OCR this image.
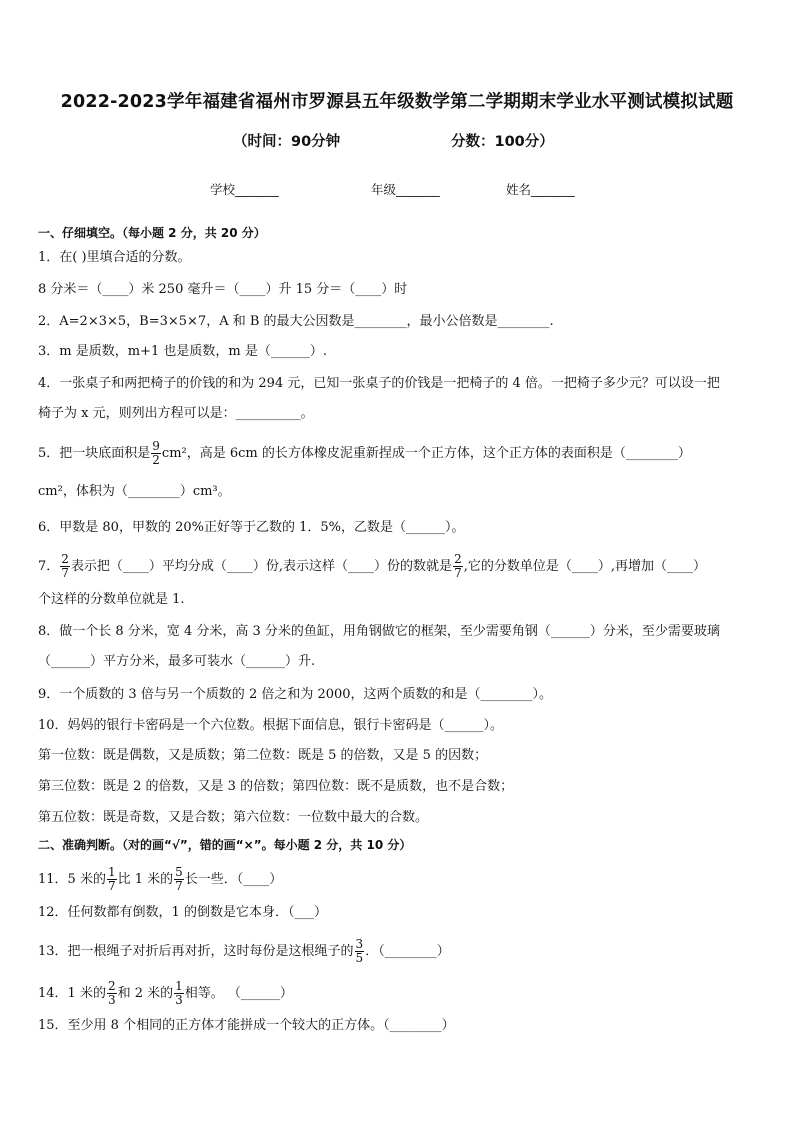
2022-2023学年福建省福州市罗源县五年级数学第二学期期末学业水平测试模拟试题
（时间：90分钟	分数：100分）
学校_______	年级_______	姓名_______
一、仔细填空。（每小题 2 分，共 20 分）
1．在( )里填合适的分数。
8 分米＝（____）米 250 毫升＝（____）升 15 分＝（____）时
2．A=2×3×5，B=3×5×7，A 和 B 的最大公因数是________，最小公倍数是________.
3．m 是质数，m+1 也是质数，m 是（______）.
4．一张桌子和两把椅子的价钱的和为 294 元，已知一张桌子的价钱是一把椅子的 4 倍。一把椅子多少元？可以设一把
椅子为 x 元，则列出方程可以是：__________。
5．把一块底面积是 $\frac{9}{2} cm^2$，高是 6cm 的长方体橡皮泥重新捏成一个正方体，这个正方体的表面积是（________）
cm²，体积为（________）cm³。
6．甲数是 80，甲数的 20%正好等于乙数的 1．5%，乙数是（______）。
7． $\frac{2}{7}$ 表示把（____）平均分成（____）份,表示这样（____）份的数就是 $\frac{2}{7}$ ,它的分数单位是（____）,再增加（____）
个这样的分数单位就是 1.
8．做一个长 8 分米，宽 4 分米，高 3 分米的鱼缸，用角钢做它的框架，至少需要角钢（______）分米，至少需要玻璃
（______）平方分米，最多可装水（______）升.
9．一个质数的 3 倍与另一个质数的 2 倍之和为 2000，这两个质数的和是（________）。
10．妈妈的银行卡密码是一个六位数。根据下面信息，银行卡密码是（______）。
第一位数：既是偶数，又是质数；第二位数：既是 5 的倍数，又是 5 的因数；
第三位数：既是 2 的倍数，又是 3 的倍数；第四位数：既不是质数，也不是合数；
第五位数：既是奇数，又是合数；第六位数：一位数中最大的合数。
二、准确判断。（对的画“√”，错的画“×”。每小题 2 分，共 10 分）
11．5 米的 $\frac{1}{7}$ 比 1 米的 $\frac{5}{7}$ 长一些．（____）
12．任何数都有倒数，1 的倒数是它本身．（___）
13．把一根绳子对折后再对折，这时每份是这根绳子的 $\frac{3}{5}$ ．（________）
14．1 米的 $\frac{2}{3}$ 和 2 米的 $\frac{1}{3}$ 相等。 （______）
15．至少用 8 个相同的正方体才能拼成一个较大的正方体。（________）
